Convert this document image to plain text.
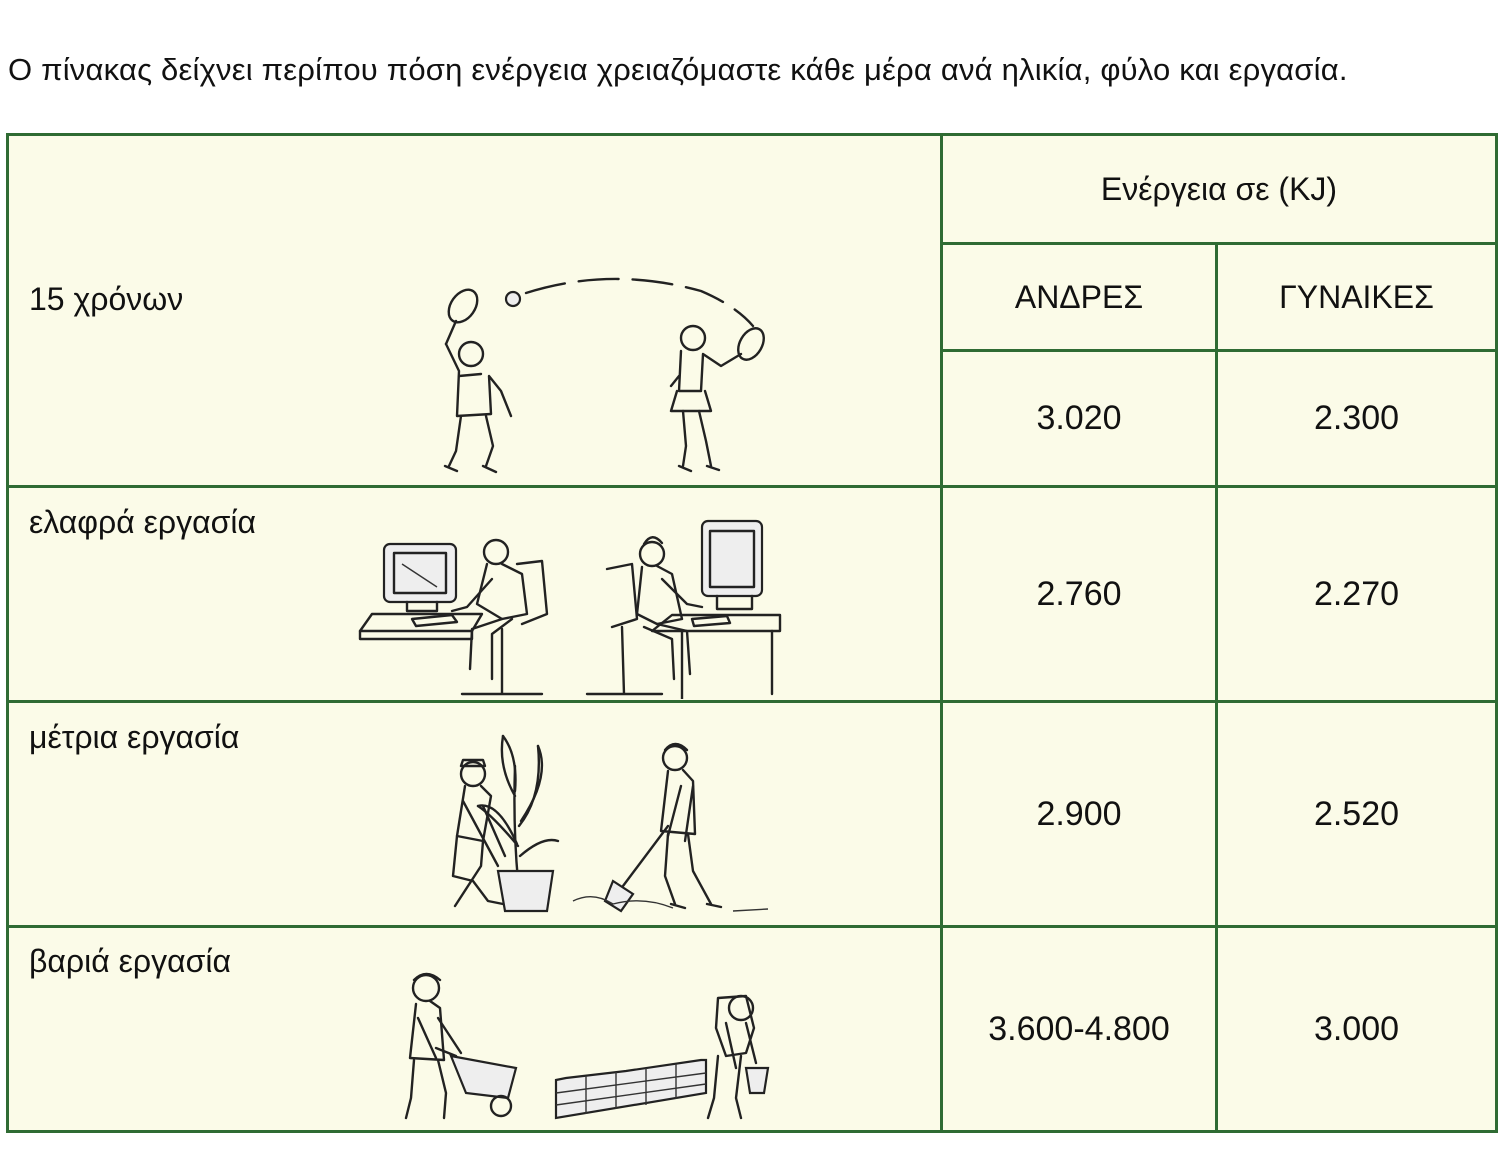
Ο πίνακας δείχνει περίπου πόση ενέργεια χρειαζόμαστε κάθε μέρα ανά ηλικία, φύλο και εργασία.
Ενέργεια σε (KJ)
ΑΝΔΡΕΣ	ΓΥΝΑΙΚΕΣ
15 χρόνων
3.020	2.300
ελαφρά εργασία
2.760	2.270
μέτρια εργασία
2.900	2.520
βαριά εργασία
3.600-4.800	3.000
